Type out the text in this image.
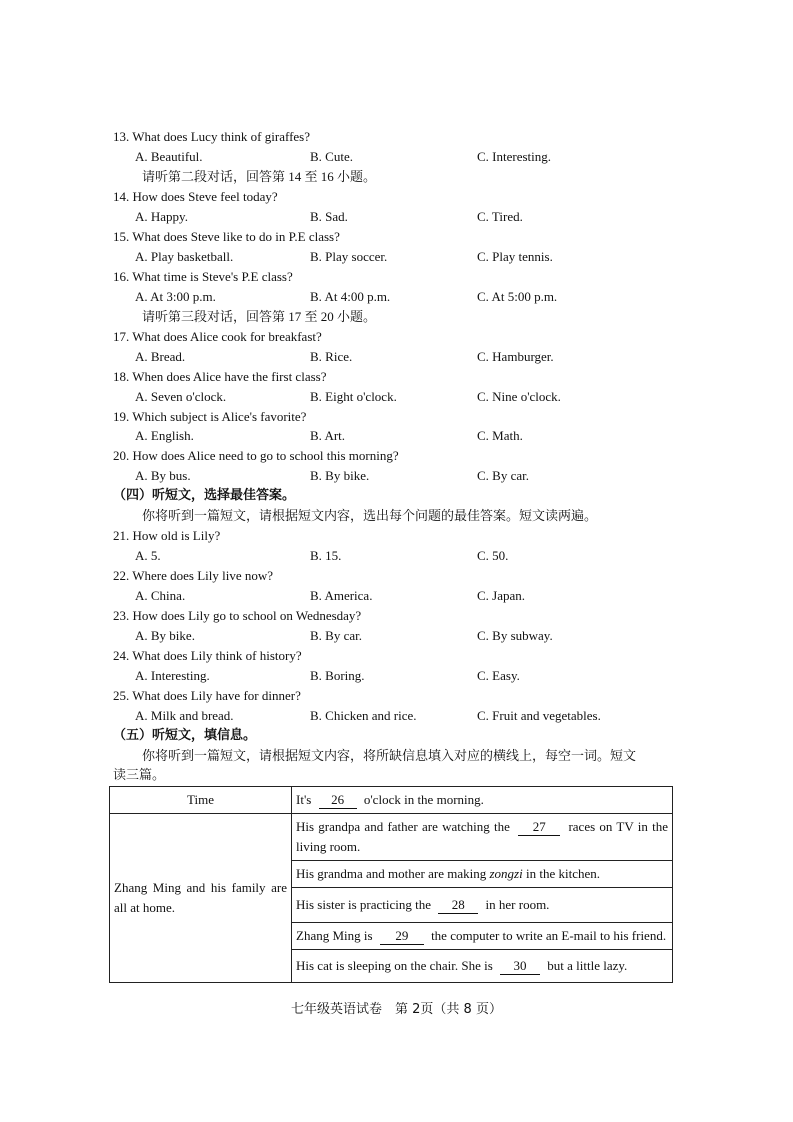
13. What does Lucy think of giraffes?
A. Beautiful.	B. Cute.	C. Interesting.
请听第二段对话，回答第 14 至 16 小题。
14. How does Steve feel today?
A. Happy.	B. Sad.	C. Tired.
15. What does Steve like to do in P.E class?
A. Play basketball.	B. Play soccer.	C. Play tennis.
16. What time is Steve's P.E class?
A. At 3:00 p.m.	B. At 4:00 p.m.	C. At 5:00 p.m.
请听第三段对话，回答第 17 至 20 小题。
17. What does Alice cook for breakfast?
A. Bread.	B. Rice.	C. Hamburger.
18. When does Alice have the first class?
A. Seven o'clock.	B. Eight o'clock.	C. Nine o'clock.
19. Which subject is Alice's favorite?
A. English.	B. Art.	C. Math.
20. How does Alice need to go to school this morning?
A. By bus.	B. By bike.	C. By car.
（四）听短文，选择最佳答案。
你将听到一篇短文，请根据短文内容，选出每个问题的最佳答案。短文读两遍。
21. How old is Lily?
A. 5.	B. 15.	C. 50.
22. Where does Lily live now?
A. China.	B. America.	C. Japan.
23. How does Lily go to school on Wednesday?
A. By bike.	B. By car.	C. By subway.
24. What does Lily think of history?
A. Interesting.	B. Boring.	C. Easy.
25. What does Lily have for dinner?
A. Milk and bread.	B. Chicken and rice.	C. Fruit and vegetables.
（五）听短文，填信息。
你将听到一篇短文，请根据短文内容，将所缺信息填入对应的横线上，每空一词。短文
读三篇。
Time	It's 26 o'clock in the morning.
Zhang Ming and his family are all at home.	His grandpa and father are watching the 27 races on TV in the living room.
	His grandma and mother are making zongzi in the kitchen.
	His sister is practicing the 28 in her room.
	Zhang Ming is 29 the computer to write an E-mail to his friend.
	His cat is sleeping on the chair. She is 30 but a little lazy.
七年级英语试卷　第 2页（共 8 页）
